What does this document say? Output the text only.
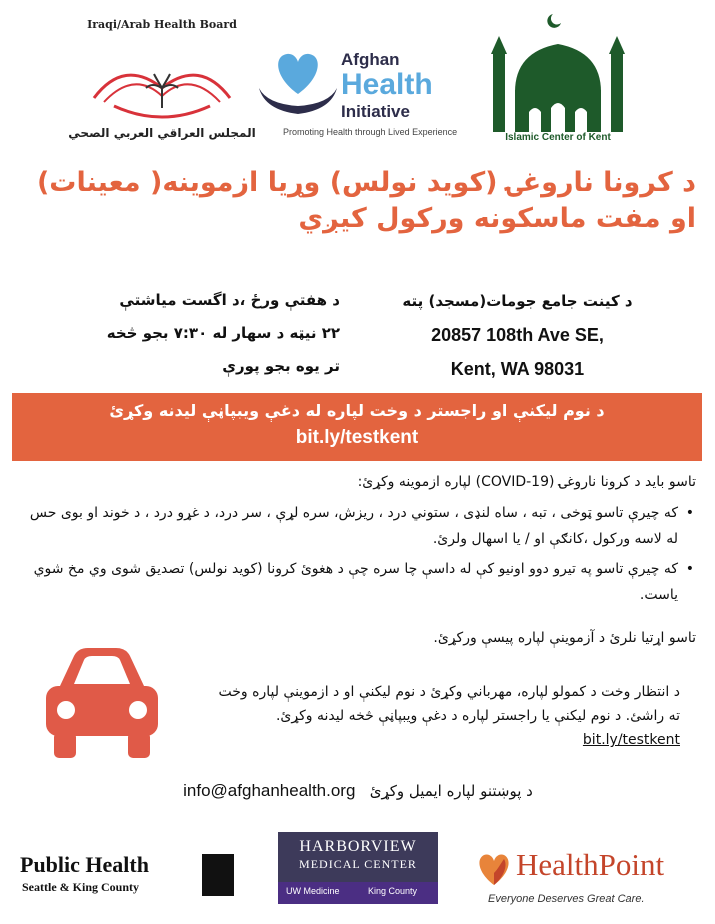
Iraqi/Arab Health Board
المجلس العراقي العربي الصحي
Afghan
Health
Initiative
Promoting Health through Lived Experience	Islamic Center of Kent
د کرونا ناروغۍ (کوید نولس) وړیا ازموینه( معینات) او مفت ماسکونه ورکول کیږي
د کینت جامع جومات(مسجد) پته
20857 108th Ave SE,
Kent, WA 98031
د هفتې ورځ ،د اگست میاشتې
۲۲ نیټه د سهار له ۷:۳۰ بجو څخه
تر یوه بجو پورې
د نوم لیکنې او راجستر د وخت لپاره له دغې ویبپاڼې لیدنه وکړئ
bit.ly/testkent
تاسو باید د کرونا ناروغۍ (COVID-19) لپاره ازموینه وکړئ:
• که چیرې تاسو ټوخی ، تبه ، ساه لنډی ، ستوني درد ، ریزش، سره لړې ، سر درد، د غړو درد ، د خوند او بوی حس له لاسه ورکول ،کانګې او / یا اسهال ولرئ.
• که چیرې تاسو په تیرو دوو اونیو کې له داسې چا سره چې د هغوئ کرونا (کوید نولس) تصدیق شوی وي مخ شوي یاست.
تاسو اړتیا نلرئ د آزموینې لپاره پیسې ورکړئ.
د انتظار وخت د کمولو لپاره، مهرباني وکړئ د نوم لیکنې او د ازموینې لپاره وخت ته راشئ. د نوم لیکنې یا راجستر لپاره د دغې ویبپاڼې څخه لیدنه وکړئ. bit.ly/testkent
د پوښتنو لپاره ایمیل وکړئ   info@afghanhealth.org
Public Health
Seattle & King County
HARBORVIEW
MEDICAL CENTER
UW Medicine	King County
HealthPoint
Everyone Deserves Great Care.
